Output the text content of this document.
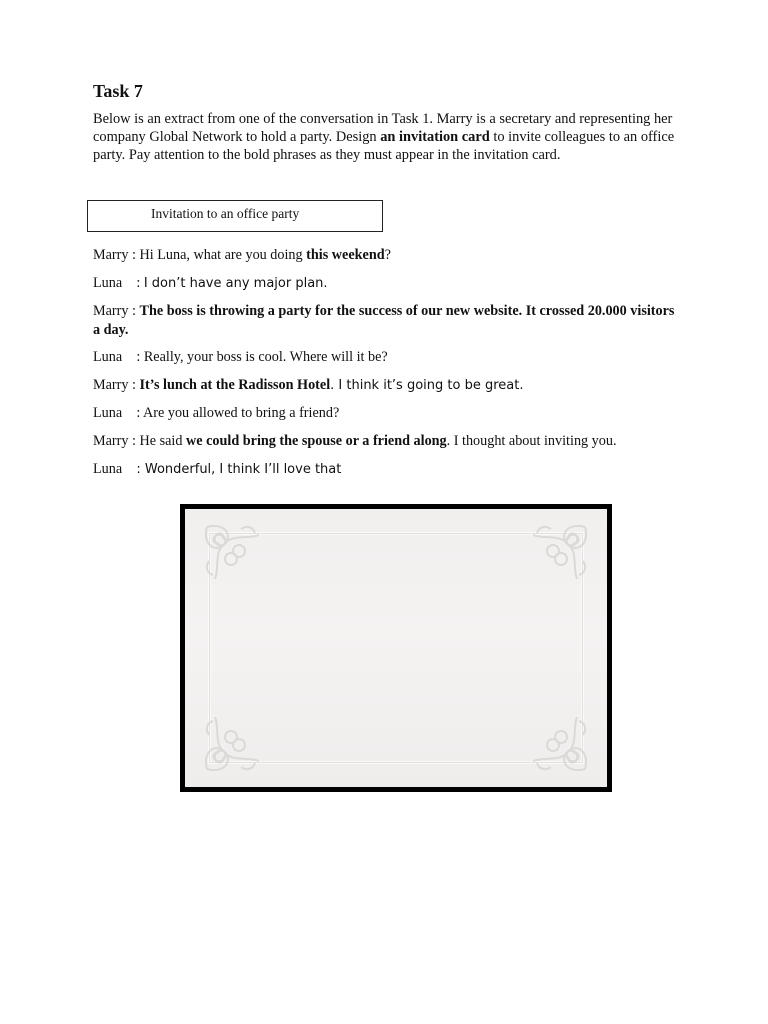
Task 7
Below is an extract from one of the conversation in Task 1. Marry is a secretary and representing her company Global Network to hold a party. Design an invitation card to invite colleagues to an office party. Pay attention to the bold phrases as they must appear in the invitation card.
Invitation to an office party
Marry : Hi Luna, what are you doing this weekend?
Luna    : I don’t have any major plan.
Marry : The boss is throwing a party for the success of our new website. It crossed 20.000 visitors a day.
Luna    : Really, your boss is cool. Where will it be?
Marry : It’s lunch at the Radisson Hotel. I think it’s going to be great.
Luna    : Are you allowed to bring a friend?
Marry : He said we could bring the spouse or a friend along. I thought about inviting you.
Luna    : Wonderful, I think I’ll love that
